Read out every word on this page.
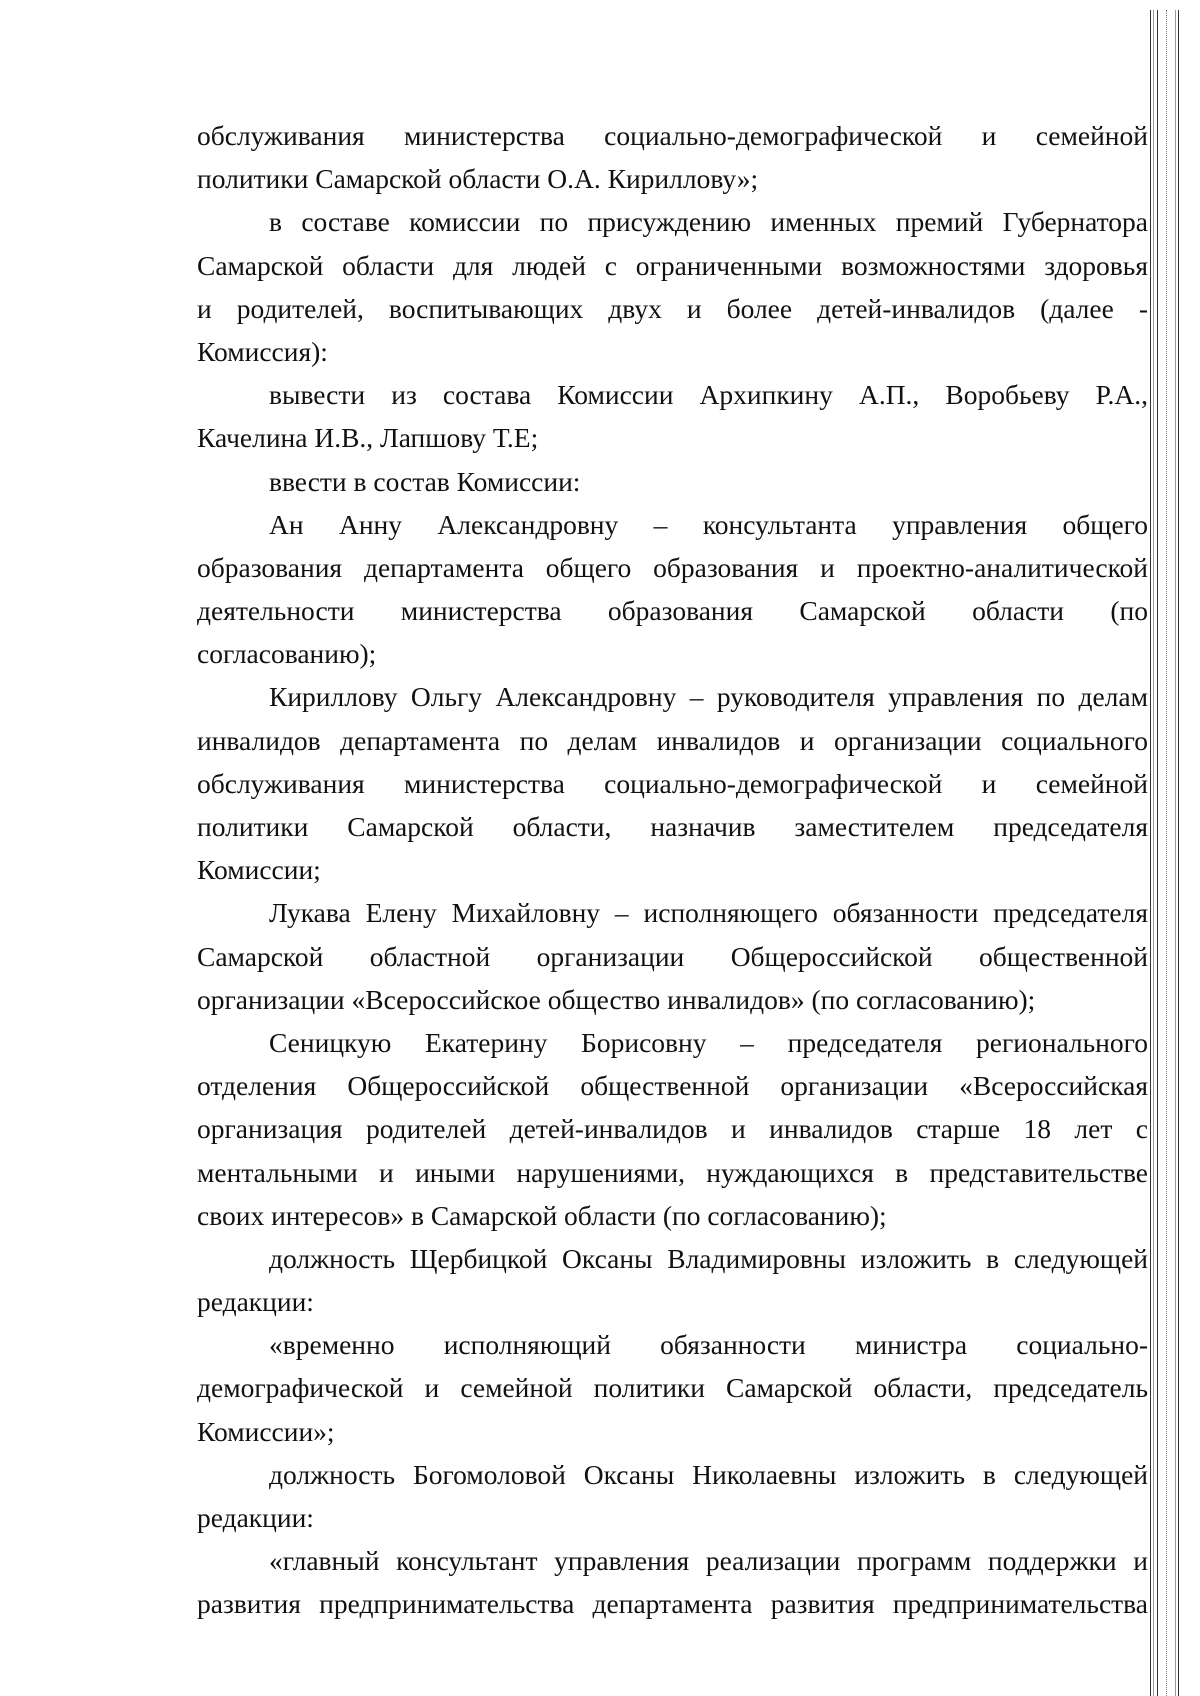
обслуживания министерства социально-демографической и семейной
политики Самарской области О.А. Кириллову»;
в составе комиссии по присуждению именных премий Губернатора
Самарской области для людей с ограниченными возможностями здоровья
и родителей, воспитывающих двух и более детей-инвалидов (далее -
Комиссия):
вывести из состава Комиссии Архипкину А.П., Воробьеву Р.А.,
Качелина И.В., Лапшову Т.Е;
ввести в состав Комиссии:
Ан Анну Александровну – консультанта управления общего
образования департамента общего образования и проектно-аналитической
деятельности министерства образования Самарской области (по
согласованию);
Кириллову Ольгу Александровну – руководителя управления по делам
инвалидов департамента по делам инвалидов и организации социального
обслуживания министерства социально-демографической и семейной
политики Самарской области, назначив заместителем председателя
Комиссии;
Лукава Елену Михайловну – исполняющего обязанности председателя
Самарской областной организации Общероссийской общественной
организации «Всероссийское общество инвалидов» (по согласованию);
Сеницкую Екатерину Борисовну – председателя регионального
отделения Общероссийской общественной организации «Всероссийская
организация родителей детей-инвалидов и инвалидов старше 18 лет с
ментальными и иными нарушениями, нуждающихся в представительстве
своих интересов» в Самарской области (по согласованию);
должность Щербицкой Оксаны Владимировны изложить в следующей
редакции:
«временно исполняющий обязанности министра социально-
демографической и семейной политики Самарской области, председатель
Комиссии»;
должность Богомоловой Оксаны Николаевны изложить в следующей
редакции:
«главный консультант управления реализации программ поддержки и
развития предпринимательства департамента развития предпринимательства
